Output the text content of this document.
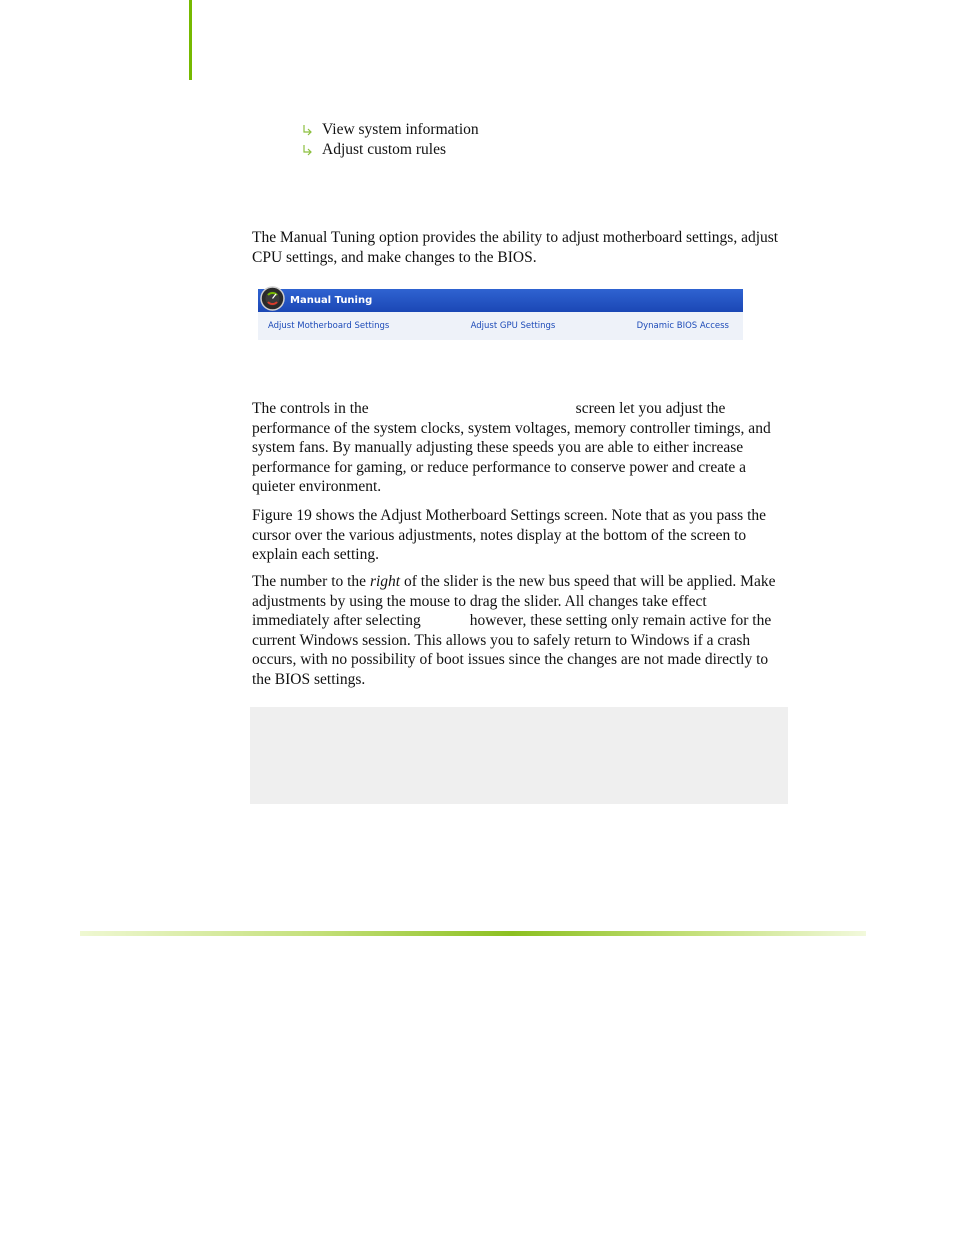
View system information
Adjust custom rules

The Manual Tuning option provides the ability to adjust motherboard settings, adjust CPU settings, and make changes to the BIOS.

Manual Tuning
Adjust Motherboard Settings	Adjust GPU Settings	Dynamic BIOS Access

The controls in the	screen let you adjust the performance of the system clocks, system voltages, memory controller timings, and system fans. By manually adjusting these speeds you are able to either increase performance for gaming, or reduce performance to conserve power and create a quieter environment.

Figure 19 shows the Adjust Motherboard Settings screen. Note that as you pass the cursor over the various adjustments, notes display at the bottom of the screen to explain each setting.

The number to the right of the slider is the new bus speed that will be applied. Make adjustments by using the mouse to drag the slider. All changes take effect immediately after selecting	however, these setting only remain active for the current Windows session. This allows you to safely return to Windows if a crash occurs, with no possibility of boot issues since the changes are not made directly to the BIOS settings.
